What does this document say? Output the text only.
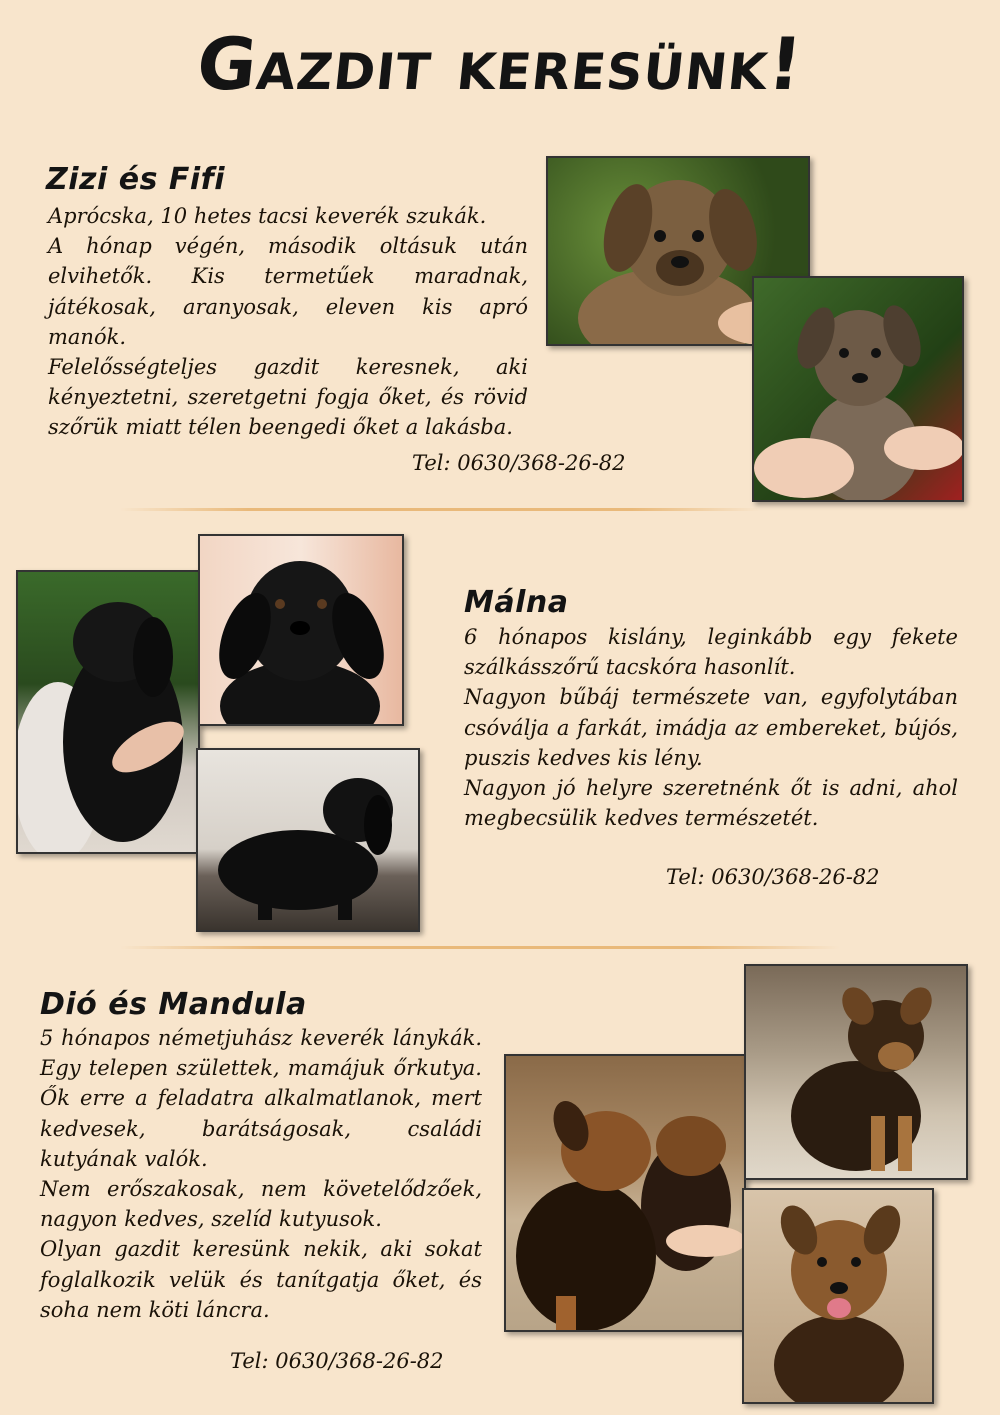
Gazdit keresünk!
Zizi és Fifi

Aprócska, 10 hetes tacsi keverék szukák.

A hónap végén, második oltásuk után elvihetők. Kis termetűek maradnak, játékosak, aranyosak, eleven kis apró manók.

Felelősségteljes gazdit keresnek, aki kényeztetni, szeretgetni fogja őket, és rövid szőrük miatt télen beengedi őket a lakásba.

Tel: 0630/368-26-82
Málna

6 hónapos kislány, leginkább egy fekete szálkásszőrű tacskóra hasonlít.

Nagyon bűbáj természete van, egyfolytában csóválja a farkát, imádja az embereket, bújós, puszis kedves kis lény.

Nagyon jó helyre szeretnénk őt is adni, ahol megbecsülik kedves természetét.

Tel: 0630/368-26-82
Dió és Mandula

5 hónapos németjuhász keverék lánykák. Egy telepen születtek, mamájuk őrkutya. Ők erre a feladatra alkalmatlanok, mert kedvesek, barátságosak, családi kutyának valók.

Nem erőszakosak, nem követelődzőek, nagyon kedves, szelíd kutyusok.

Olyan gazdit keresünk nekik, aki sokat foglalkozik velük és tanítgatja őket, és soha nem köti láncra.

Tel: 0630/368-26-82
